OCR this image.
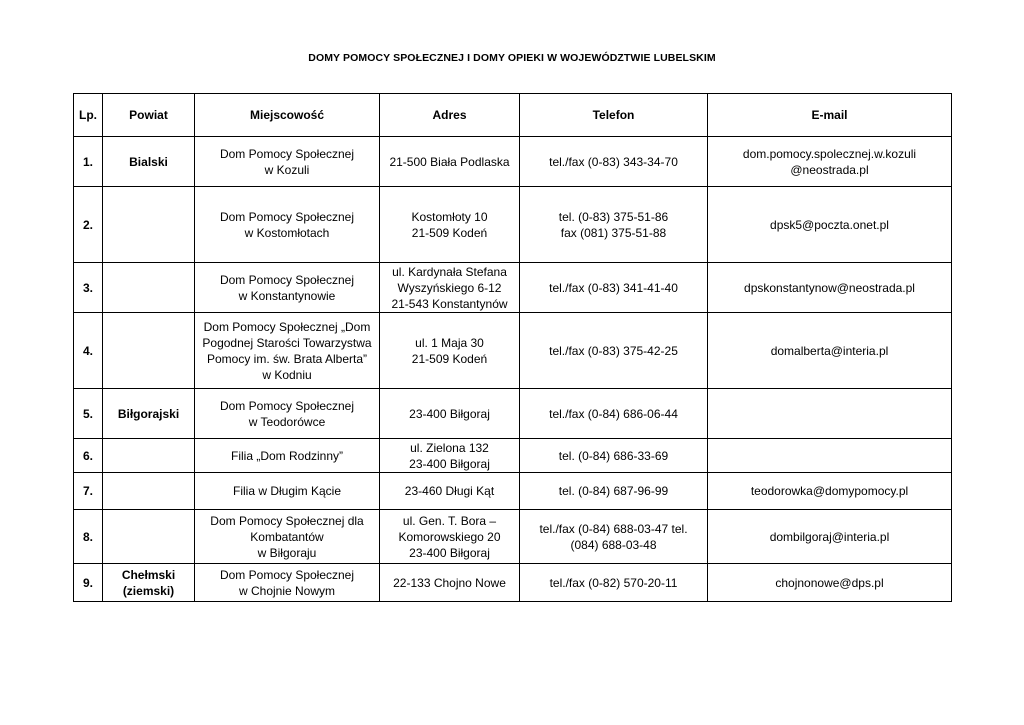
DOMY POMOCY SPOŁECZNEJ I DOMY OPIEKI W WOJEWÓDZTWIE LUBELSKIM
Lp.	Powiat	Miejscowość	Adres	Telefon	E-mail
1.	Bialski	Dom Pomocy Społecznej
w Kozuli	21-500 Biała Podlaska	tel./fax (0-83) 343-34-70	dom.pomocy.spolecznej.w.kozuli
@neostrada.pl

2.		Dom Pomocy Społecznej
w Kostomłotach	Kostomłoty 10
21-509 Kodeń	tel. (0-83) 375-51-86
fax (081) 375-51-88	dpsk5@poczta.onet.pl

3.		Dom Pomocy Społecznej
w Konstantynowie	ul. Kardynała Stefana
Wyszyńskiego 6-12
21-543 Konstantynów	tel./fax (0-83) 341-41-40	dpskonstantynow@neostrada.pl

4.		Dom Pomocy Społecznej „Dom
Pogodnej Starości Towarzystwa
Pomocy im. św. Brata Alberta”
w Kodniu	ul. 1 Maja 30
21-509 Kodeń	tel./fax (0-83) 375-42-25	domalberta@interia.pl

5.	Biłgorajski	Dom Pomocy Społecznej
w Teodorówce	23-400 Biłgoraj	tel./fax (0-84) 686-06-44	

6.		Filia „Dom Rodzinny”	ul. Zielona 132
23-400 Biłgoraj	tel. (0-84) 686-33-69	

7.		Filia w Długim Kącie	23-460 Długi Kąt	tel. (0-84) 687-96-99	teodorowka@domypomocy.pl

8.		Dom Pomocy Społecznej dla
Kombatantów
w Biłgoraju	ul. Gen. T. Bora –
Komorowskiego 20
23-400 Biłgoraj	tel./fax (0-84) 688-03-47 tel.
(084) 688-03-48	dombilgoraj@interia.pl

9.	Chełmski
(ziemski)	Dom Pomocy Społecznej
w Chojnie Nowym	22-133 Chojno Nowe	tel./fax (0-82) 570-20-11	chojnonowe@dps.pl
